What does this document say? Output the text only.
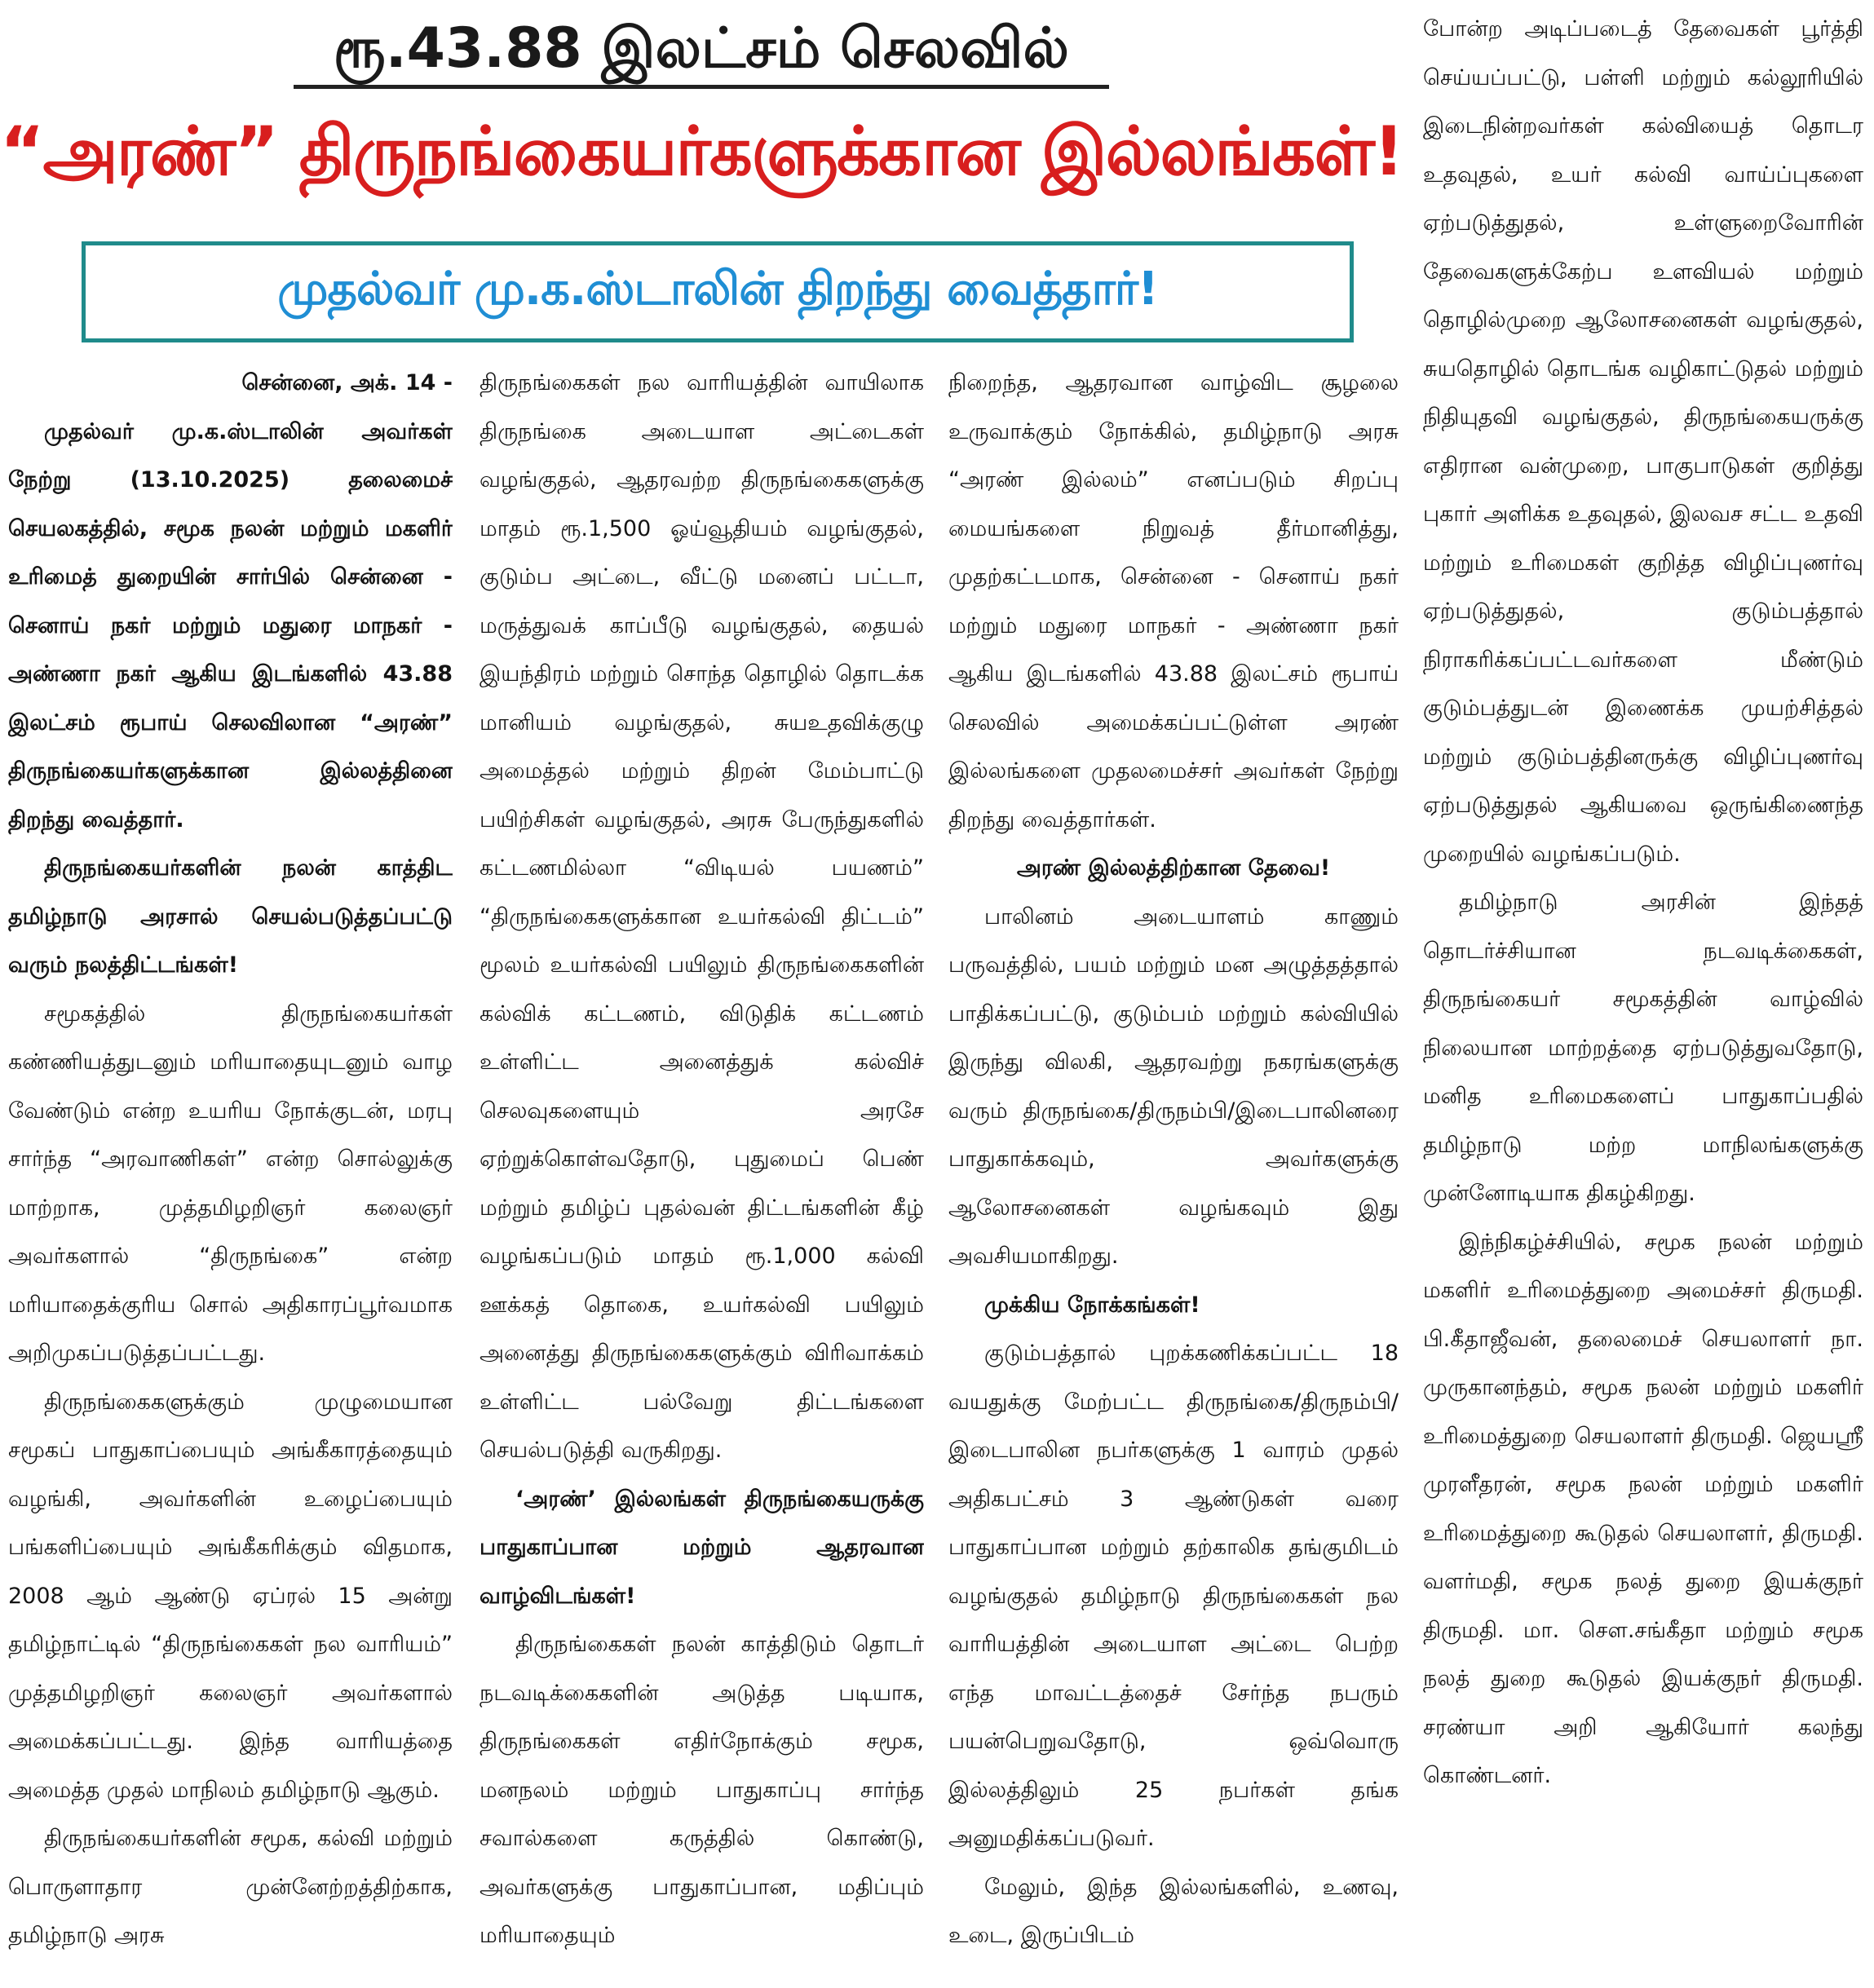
ரூ.43.88 இலட்சம் செலவில்
“அரண்” திருநங்கையர்களுக்கான இல்லங்கள்!
முதல்வர் மு.க.ஸ்டாலின் திறந்து வைத்தார்!

சென்னை, அக். 14 -

முதல்வர் மு.க.ஸ்டாலின் அவர்கள் நேற்று (13.10.2025) தலைமைச் செயலகத்தில், சமூக நலன் மற்றும் மகளிர் உரிமைத் துறையின் சார்பில் சென்னை - செனாய் நகர் மற்றும் மதுரை மாநகர் - அண்ணா நகர் ஆகிய இடங்களில் 43.88 இலட்சம் ரூபாய் செலவிலான “அரண்” திருநங்கையர்களுக்கான இல்லத்தினை திறந்து வைத்தார்.

திருநங்கையர்களின் நலன் காத்திட தமிழ்நாடு அரசால் செயல்படுத்தப்பட்டு வரும் நலத்திட்டங்கள்!

சமூகத்தில் திருநங்கையர்கள் கண்ணியத்துடனும் மரியாதையுடனும் வாழ வேண்டும் என்ற உயரிய நோக்குடன், மரபு சார்ந்த “அரவாணிகள்” என்ற சொல்லுக்கு மாற்றாக, முத்தமிழறிஞர் கலைஞர் அவர்களால் “திருநங்கை” என்ற மரியாதைக்குரிய சொல் அதிகாரப்பூர்வமாக அறிமுகப்படுத்தப்பட்டது.

திருநங்கைகளுக்கும் முழுமையான சமூகப் பாதுகாப்பையும் அங்கீகாரத்தையும் வழங்கி, அவர்களின் உழைப்பையும் பங்களிப்பையும் அங்கீகரிக்கும் விதமாக, 2008 ஆம் ஆண்டு ஏப்ரல் 15 அன்று தமிழ்நாட்டில் “திருநங்கைகள் நல வாரியம்” முத்தமிழறிஞர் கலைஞர் அவர்களால் அமைக்கப்பட்டது. இந்த வாரியத்தை அமைத்த முதல் மாநிலம் தமிழ்நாடு ஆகும்.

திருநங்கையர்களின் சமூக, கல்வி மற்றும் பொருளாதார முன்னேற்றத்திற்காக, தமிழ்நாடு அரசு

திருநங்கைகள் நல வாரியத்தின் வாயிலாக திருநங்கை அடையாள அட்டைகள் வழங்குதல், ஆதரவற்ற திருநங்கைகளுக்கு மாதம் ரூ.1,500 ஓய்வூதியம் வழங்குதல், குடும்ப அட்டை, வீட்டு மனைப் பட்டா, மருத்துவக் காப்பீடு வழங்குதல், தையல் இயந்திரம் மற்றும் சொந்த தொழில் தொடக்க மானியம் வழங்குதல், சுயஉதவிக்குழு அமைத்தல் மற்றும் திறன் மேம்பாட்டு பயிற்சிகள் வழங்குதல், அரசு பேருந்துகளில் கட்டணமில்லா “விடியல் பயணம்” “திருநங்கைகளுக்கான உயர்கல்வி திட்டம்” மூலம் உயர்கல்வி பயிலும் திருநங்கைகளின் கல்விக் கட்டணம், விடுதிக் கட்டணம் உள்ளிட்ட அனைத்துக் கல்விச் செலவுகளையும் அரசே ஏற்றுக்கொள்வதோடு, புதுமைப் பெண் மற்றும் தமிழ்ப் புதல்வன் திட்டங்களின் கீழ் வழங்கப்படும் மாதம் ரூ.1,000 கல்வி ஊக்கத் தொகை, உயர்கல்வி பயிலும் அனைத்து திருநங்கைகளுக்கும் விரிவாக்கம் உள்ளிட்ட பல்வேறு திட்டங்களை செயல்படுத்தி வருகிறது.

‘அரண்’ இல்லங்கள் திருநங்கையருக்கு பாதுகாப்பான மற்றும் ஆதரவான வாழ்விடங்கள்!

திருநங்கைகள் நலன் காத்திடும் தொடர் நடவடிக்கைகளின் அடுத்த படியாக, திருநங்கைகள் எதிர்நோக்கும் சமூக, மனநலம் மற்றும் பாதுகாப்பு சார்ந்த சவால்களை கருத்தில் கொண்டு, அவர்களுக்கு பாதுகாப்பான, மதிப்பும் மரியாதையும்

நிறைந்த, ஆதரவான வாழ்விட சூழலை உருவாக்கும் நோக்கில், தமிழ்நாடு அரசு “அரண் இல்லம்” எனப்படும் சிறப்பு மையங்களை நிறுவத் தீர்மானித்து, முதற்கட்டமாக, சென்னை - செனாய் நகர் மற்றும் மதுரை மாநகர் - அண்ணா நகர் ஆகிய இடங்களில் 43.88 இலட்சம் ரூபாய் செலவில் அமைக்கப்பட்டுள்ள அரண் இல்லங்களை முதலமைச்சர் அவர்கள் நேற்று திறந்து வைத்தார்கள்.

அரண் இல்லத்திற்கான தேவை!

பாலினம் அடையாளம் காணும் பருவத்தில், பயம் மற்றும் மன அழுத்தத்தால் பாதிக்கப்பட்டு, குடும்பம் மற்றும் கல்வியில் இருந்து விலகி, ஆதரவற்று நகரங்களுக்கு வரும் திருநங்கை/திருநம்பி/இடைபாலினரை பாதுகாக்கவும், அவர்களுக்கு ஆலோசனைகள் வழங்கவும் இது அவசியமாகிறது.

முக்கிய நோக்கங்கள்!

குடும்பத்தால் புறக்கணிக்கப்பட்ட 18 வயதுக்கு மேற்பட்ட திருநங்கை/திருநம்பி/இடைபாலின நபர்களுக்கு 1 வாரம் முதல் அதிகபட்சம் 3 ஆண்டுகள் வரை பாதுகாப்பான மற்றும் தற்காலிக தங்குமிடம் வழங்குதல் தமிழ்நாடு திருநங்கைகள் நல வாரியத்தின் அடையாள அட்டை பெற்ற எந்த மாவட்டத்தைச் சேர்ந்த நபரும் பயன்பெறுவதோடு, ஒவ்வொரு இல்லத்திலும் 25 நபர்கள் தங்க அனுமதிக்கப்படுவர்.

மேலும், இந்த இல்லங்களில், உணவு, உடை, இருப்பிடம்

போன்ற அடிப்படைத் தேவைகள் பூர்த்தி செய்யப்பட்டு, பள்ளி மற்றும் கல்லூரியில் இடைநின்றவர்கள் கல்வியைத் தொடர உதவுதல், உயர் கல்வி வாய்ப்புகளை ஏற்படுத்துதல், உள்ளுறைவோரின் தேவைகளுக்கேற்ப உளவியல் மற்றும் தொழில்முறை ஆலோசனைகள் வழங்குதல், சுயதொழில் தொடங்க வழிகாட்டுதல் மற்றும் நிதியுதவி வழங்குதல், திருநங்கையருக்கு எதிரான வன்முறை, பாகுபாடுகள் குறித்து புகார் அளிக்க உதவுதல், இலவச சட்ட உதவி மற்றும் உரிமைகள் குறித்த விழிப்புணர்வு ஏற்படுத்துதல், குடும்பத்தால் நிராகரிக்கப்பட்டவர்களை மீண்டும் குடும்பத்துடன் இணைக்க முயற்சித்தல் மற்றும் குடும்பத்தினருக்கு விழிப்புணர்வு ஏற்படுத்துதல் ஆகியவை ஒருங்கிணைந்த முறையில் வழங்கப்படும்.

தமிழ்நாடு அரசின் இந்தத் தொடர்ச்சியான நடவடிக்கைகள், திருநங்கையர் சமூகத்தின் வாழ்வில் நிலையான மாற்றத்தை ஏற்படுத்துவதோடு, மனித உரிமைகளைப் பாதுகாப்பதில் தமிழ்நாடு மற்ற மாநிலங்களுக்கு முன்னோடியாக திகழ்கிறது.

இந்நிகழ்ச்சியில், சமூக நலன் மற்றும் மகளிர் உரிமைத்துறை அமைச்சர் திருமதி. பி.கீதாஜீவன், தலைமைச் செயலாளர் நா. முருகானந்தம், சமூக நலன் மற்றும் மகளிர் உரிமைத்துறை செயலாளர் திருமதி. ஜெயஸ்ரீ முரளீதரன், சமூக நலன் மற்றும் மகளிர் உரிமைத்துறை கூடுதல் செயலாளர், திருமதி. வளர்மதி, சமூக நலத் துறை இயக்குநர் திருமதி. மா. செள.சங்கீதா மற்றும் சமூக நலத் துறை கூடுதல் இயக்குநர் திருமதி. சரண்யா அறி ஆகியோர் கலந்து கொண்டனர்.
